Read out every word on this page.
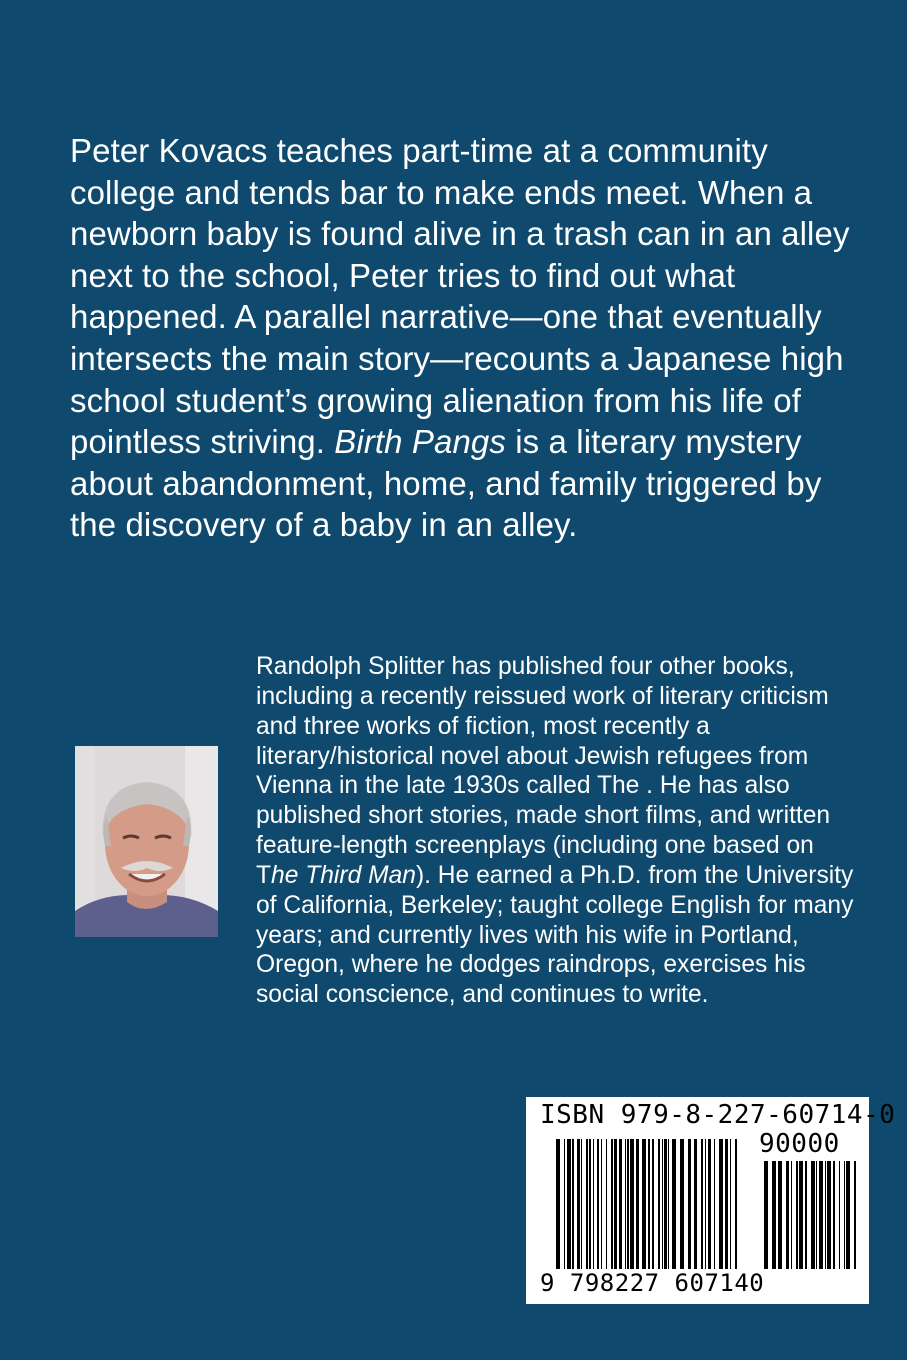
Peter Kovacs teaches part-time at a community college and tends bar to make ends meet. When a newborn baby is found alive in a trash can in an alley next to the school, Peter tries to find out what happened. A parallel narrative—one that eventually intersects the main story—recounts a Japanese high school student’s growing alienation from his life of pointless striving. Birth Pangs is a literary mystery about abandonment, home, and family triggered by the discovery of a baby in an alley.

Randolph Splitter has published four other books, including a recently reissued work of literary criticism and three works of fiction, most recently a literary/historical novel about Jewish refugees from Vienna in the late 1930s called The . He has also published short stories, made short films, and written feature-length screenplays (including one based on The Third Man). He earned a Ph.D. from the University of California, Berkeley; taught college English for many years; and currently lives with his wife in Portland, Oregon, where he dodges raindrops, exercises his social conscience, and continues to write.

ISBN 979-8-227-60714-0
90000
9 798227 607140
